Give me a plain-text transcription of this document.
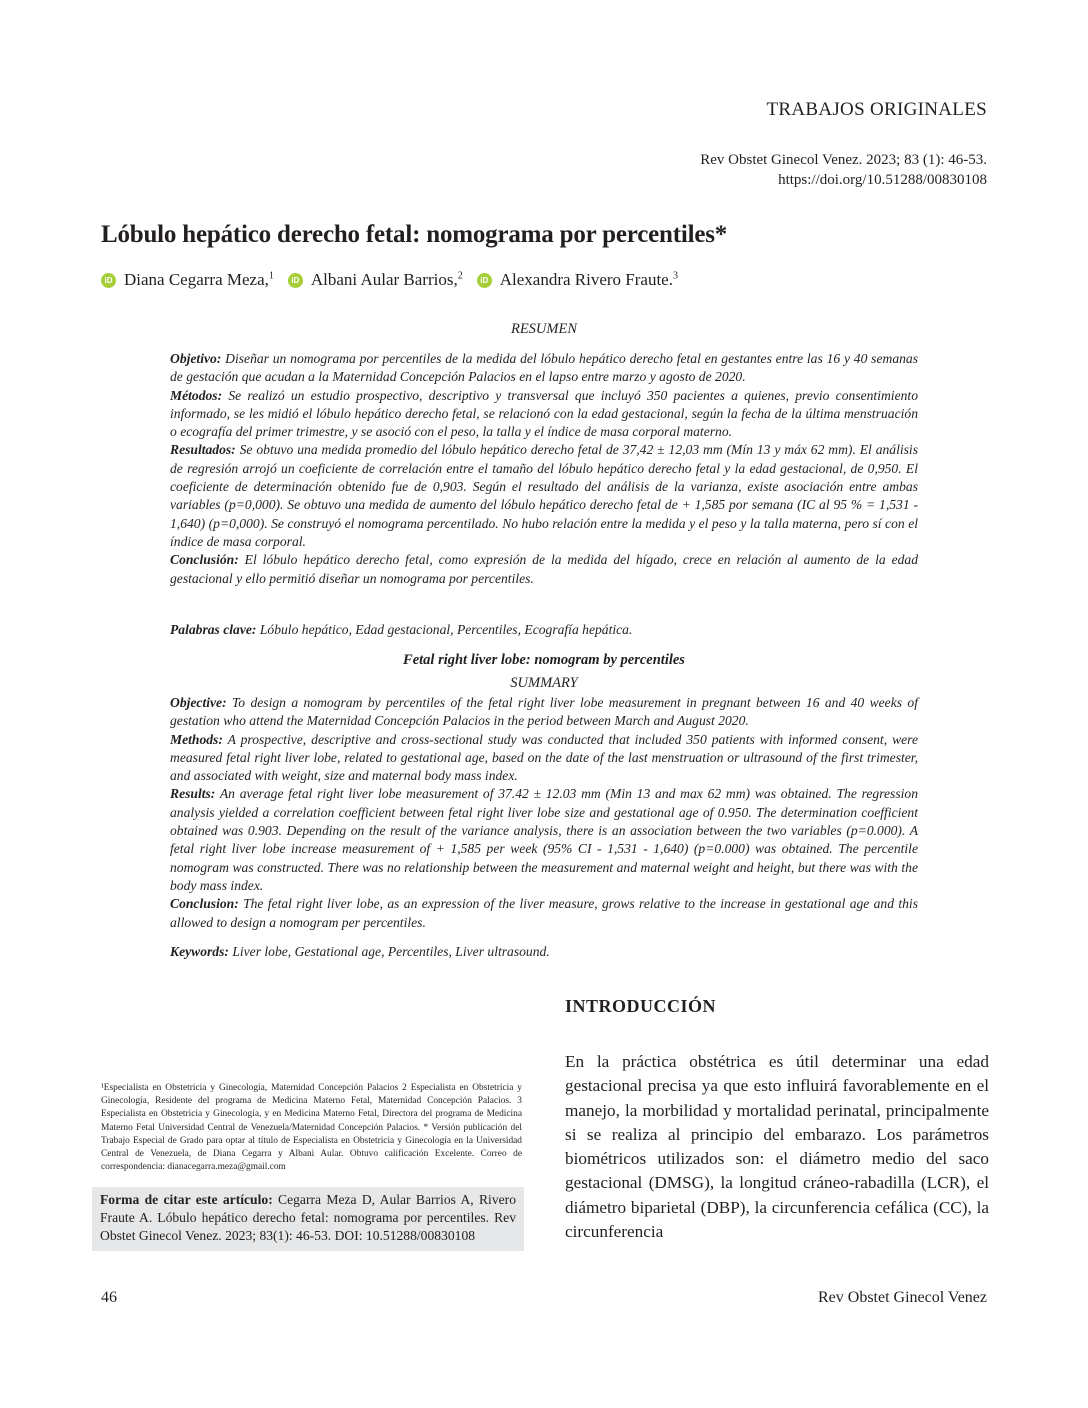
TRABAJOS ORIGINALES
Rev Obstet Ginecol Venez. 2023; 83 (1): 46-53.
https://doi.org/10.51288/00830108
Lóbulo hepático derecho fetal: nomograma por percentiles*
iD Diana Cegarra Meza,$^1$	iD Albani Aular Barrios,$^2$	iD Alexandra Rivero Fraute.$^3$
RESUMEN

Objetivo: Diseñar un nomograma por percentiles de la medida del lóbulo hepático derecho fetal en gestantes entre las 16 y 40 semanas de gestación que acudan a la Maternidad Concepción Palacios en el lapso entre marzo y agosto de 2020.

Métodos: Se realizó un estudio prospectivo, descriptivo y transversal que incluyó 350 pacientes a quienes, previo consentimiento informado, se les midió el lóbulo hepático derecho fetal, se relacionó con la edad gestacional, según la fecha de la última menstruación o ecografía del primer trimestre, y se asoció con el peso, la talla y el índice de masa corporal materno.

Resultados: Se obtuvo una medida promedio del lóbulo hepático derecho fetal de 37,42 ± 12,03 mm (Mín 13 y máx 62 mm). El análisis de regresión arrojó un coeficiente de correlación entre el tamaño del lóbulo hepático derecho fetal y la edad gestacional, de 0,950. El coeficiente de determinación obtenido fue de 0,903. Según el resultado del análisis de la varianza, existe asociación entre ambas variables (p=0,000). Se obtuvo una medida de aumento del lóbulo hepático derecho fetal de + 1,585 por semana (IC al 95 % = 1,531 - 1,640) (p=0,000). Se construyó el nomograma percentilado. No hubo relación entre la medida y el peso y la talla materna, pero sí con el índice de masa corporal.

Conclusión: El lóbulo hepático derecho fetal, como expresión de la medida del hígado, crece en relación al aumento de la edad gestacional y ello permitió diseñar un nomograma por percentiles.

Palabras clave: Lóbulo hepático, Edad gestacional, Percentiles, Ecografía hepática.
Fetal right liver lobe: nomogram by percentiles
SUMMARY

Objective: To design a nomogram by percentiles of the fetal right liver lobe measurement in pregnant between 16 and 40 weeks of gestation who attend the Maternidad Concepción Palacios in the period between March and August 2020.

Methods: A prospective, descriptive and cross-sectional study was conducted that included 350 patients with informed consent, were measured fetal right liver lobe, related to gestational age, based on the date of the last menstruation or ultrasound of the first trimester, and associated with weight, size and maternal body mass index.

Results: An average fetal right liver lobe measurement of 37.42 ± 12.03 mm (Min 13 and max 62 mm) was obtained. The regression analysis yielded a correlation coefficient between fetal right liver lobe size and gestational age of 0.950. The determination coefficient obtained was 0.903. Depending on the result of the variance analysis, there is an association between the two variables (p=0.000). A fetal right liver lobe increase measurement of + 1,585 per week (95% CI - 1,531 - 1,640) (p=0.000) was obtained. The percentile nomogram was constructed. There was no relationship between the measurement and maternal weight and height, but there was with the body mass index.

Conclusion: The fetal right liver lobe, as an expression of the liver measure, grows relative to the increase in gestational age and this allowed to design a nomogram per percentiles.

Keywords: Liver lobe, Gestational age, Percentiles, Liver ultrasound.
INTRODUCCIÓN

En la práctica obstétrica es útil determinar una edad gestacional precisa ya que esto influirá favorablemente en el manejo, la morbilidad y mortalidad perinatal, principalmente si se realiza al principio del embarazo. Los parámetros biométricos utilizados son: el diámetro medio del saco gestacional (DMSG), la longitud cráneo-rabadilla (LCR), el diámetro biparietal (DBP), la circunferencia cefálica (CC), la circunferencia

¹Especialista en Obstetricia y Ginecología, Maternidad Concepción Palacios 2 Especialista en Obstetricia y Ginecología, Residente del programa de Medicina Materno Fetal, Maternidad Concepción Palacios. 3 Especialista en Obstetricia y Ginecología, y en Medicina Materno Fetal, Directora del programa de Medicina Materno Fetal Universidad Central de Venezuela/Maternidad Concepción Palacios. * Versión publicación del Trabajo Especial de Grado para optar al título de Especialista en Obstetricia y Ginecología en la Universidad Central de Venezuela, de Diana Cegarra y Albani Aular. Obtuvo calificación Excelente. Correo de correspondencia: dianacegarra.meza@gmail.com

Forma de citar este artículo: Cegarra Meza D, Aular Barrios A, Rivero Fraute A. Lóbulo hepático derecho fetal: nomograma por percentiles. Rev Obstet Ginecol Venez. 2023; 83(1): 46-53. DOI: 10.51288/00830108
46	Rev Obstet Ginecol Venez
